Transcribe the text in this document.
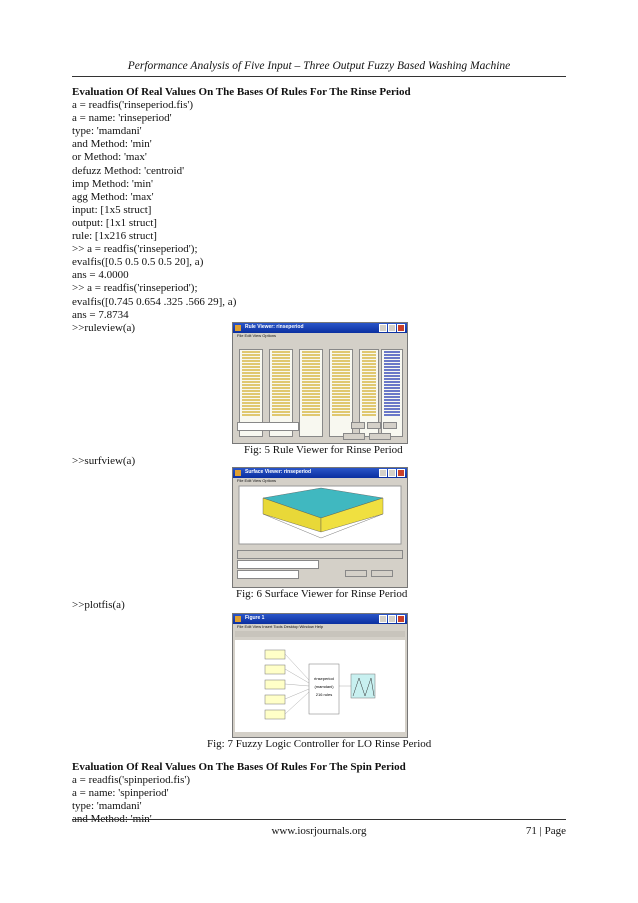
Performance Analysis of Five Input – Three Output Fuzzy Based Washing Machine
Evaluation Of Real Values On The Bases Of Rules For The Rinse Period
a = readfis('rinseperiod.fis')
a = name: 'rinseperiod'
type: 'mamdani'
and Method: 'min'
or Method: 'max'
defuzz Method: 'centroid'
imp Method: 'min'
agg Method: 'max'
input: [1x5 struct]
output: [1x1 struct]
rule: [1x216 struct]
>> a = readfis('rinseperiod');
evalfis([0.5 0.5 0.5 0.5 20], a)
ans = 4.0000
>> a = readfis('rinseperiod');
evalfis([0.745 0.654 .325 .566 29], a)
ans = 7.8734
>>ruleview(a)	Rule Viewer: rinseperiod
File Edit View Options
Fig: 5 Rule Viewer for Rinse Period
>>surfview(a)
Surface Viewer: rinseperiod
File Edit View Options
Fig: 6 Surface Viewer for Rinse Period
>>plotfis(a)
Figure 1
File Edit View Insert Tools Desktop Window Help
rinseperiod
(mamdani)
216 rules
Fig: 7 Fuzzy Logic Controller for LO Rinse Period
Evaluation Of Real Values On The Bases Of Rules For The Spin Period
a = readfis('spinperiod.fis')
a = name: 'spinperiod'
type: 'mamdani'
and Method: 'min'
www.iosrjournals.org	71 | Page
